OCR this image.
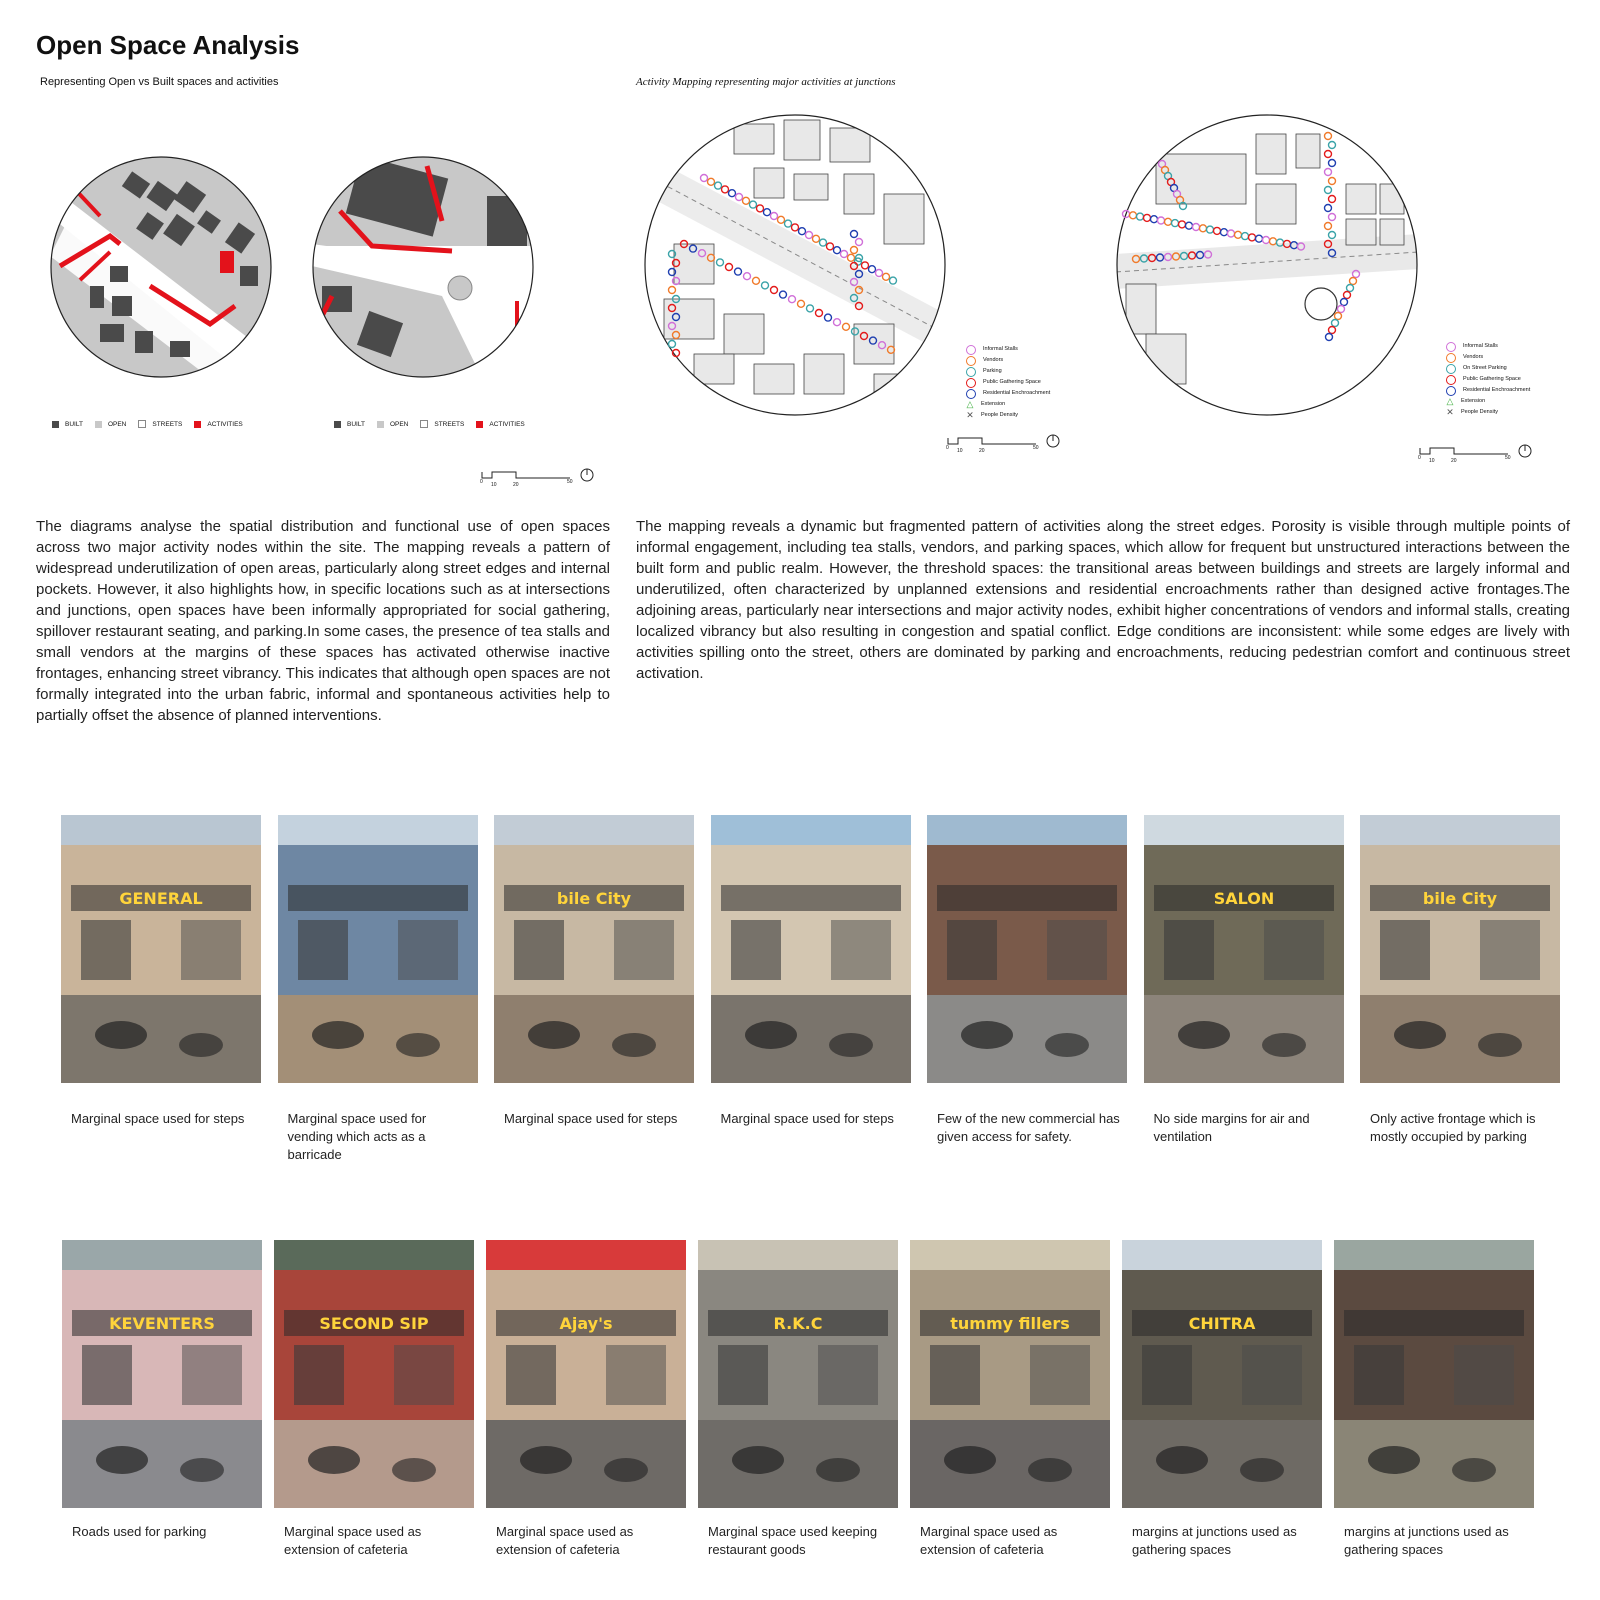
Open Space Analysis
Representing Open vs Built spaces and activities	Activity Mapping representing major activities at junctions
BUILT	OPEN	STREETS	ACTIVITIES	BUILT	OPEN	STREETS	ACTIVITIES
0 10	20	50
0 10	20	50
0 10	20	50
Informal Stalls
Vendors
Parking
Public Gathering Space
Residential Enchroachment
△ Extension
✕ People Density
Informal Stalls
Vendors
On Street Parking
Public Gathering Space
Residential Enchroachment
△ Extension
✕ People Density

The diagrams analyse the spatial distribution and functional use of open spaces across two major activity nodes within the site. The mapping reveals a pattern of widespread underutilization of open areas, particularly along street edges and internal pockets. However, it also highlights how, in specific locations such as at intersections and junctions, open spaces have been informally appropriated for social gathering, spillover restaurant seating, and parking.In some cases, the presence of tea stalls and small vendors at the margins of these spaces has activated otherwise inactive frontages, enhancing street vibrancy. This indicates that although open spaces are not formally integrated into the urban fabric, informal and spontaneous activities help to partially offset the absence of planned interventions.

The mapping reveals a dynamic but fragmented pattern of activities along the street edges. Porosity is visible through multiple points of informal engagement, including tea stalls, vendors, and parking spaces, which allow for frequent but unstructured interactions between the built form and public realm. However, the threshold spaces: the transitional areas between buildings and streets are largely informal and underutilized, often characterized by unplanned extensions and residential encroachments rather than designed active frontages.The adjoining areas, particularly near intersections and major activity nodes, exhibit higher concentrations of vendors and informal stalls, creating localized vibrancy but also resulting in congestion and spatial conflict. Edge conditions are inconsistent: while some edges are lively with activities spilling onto the street, others are dominated by parking and encroachments, reducing pedestrian comfort and continuous street activation.

GENERAL
Marginal space used for steps	Marginal space used for vending which acts as a barricade
bile City
Marginal space used for steps	Marginal space used for steps	Few of the new commercial has given access for safety.
SALON
No side margins for air and ventilation
bile City
Only active frontage which is mostly occupied by parking
KEVENTERS
Roads used for parking
SECOND SIP
Marginal space used as extension of cafeteria
Ajay's
Marginal space used as extension of cafeteria
R.K.C
Marginal space used keeping restaurant goods
tummy fillers
Marginal space used as extension of cafeteria
CHITRA
margins at junctions used as gathering spaces
margins at junctions used as gathering spaces
